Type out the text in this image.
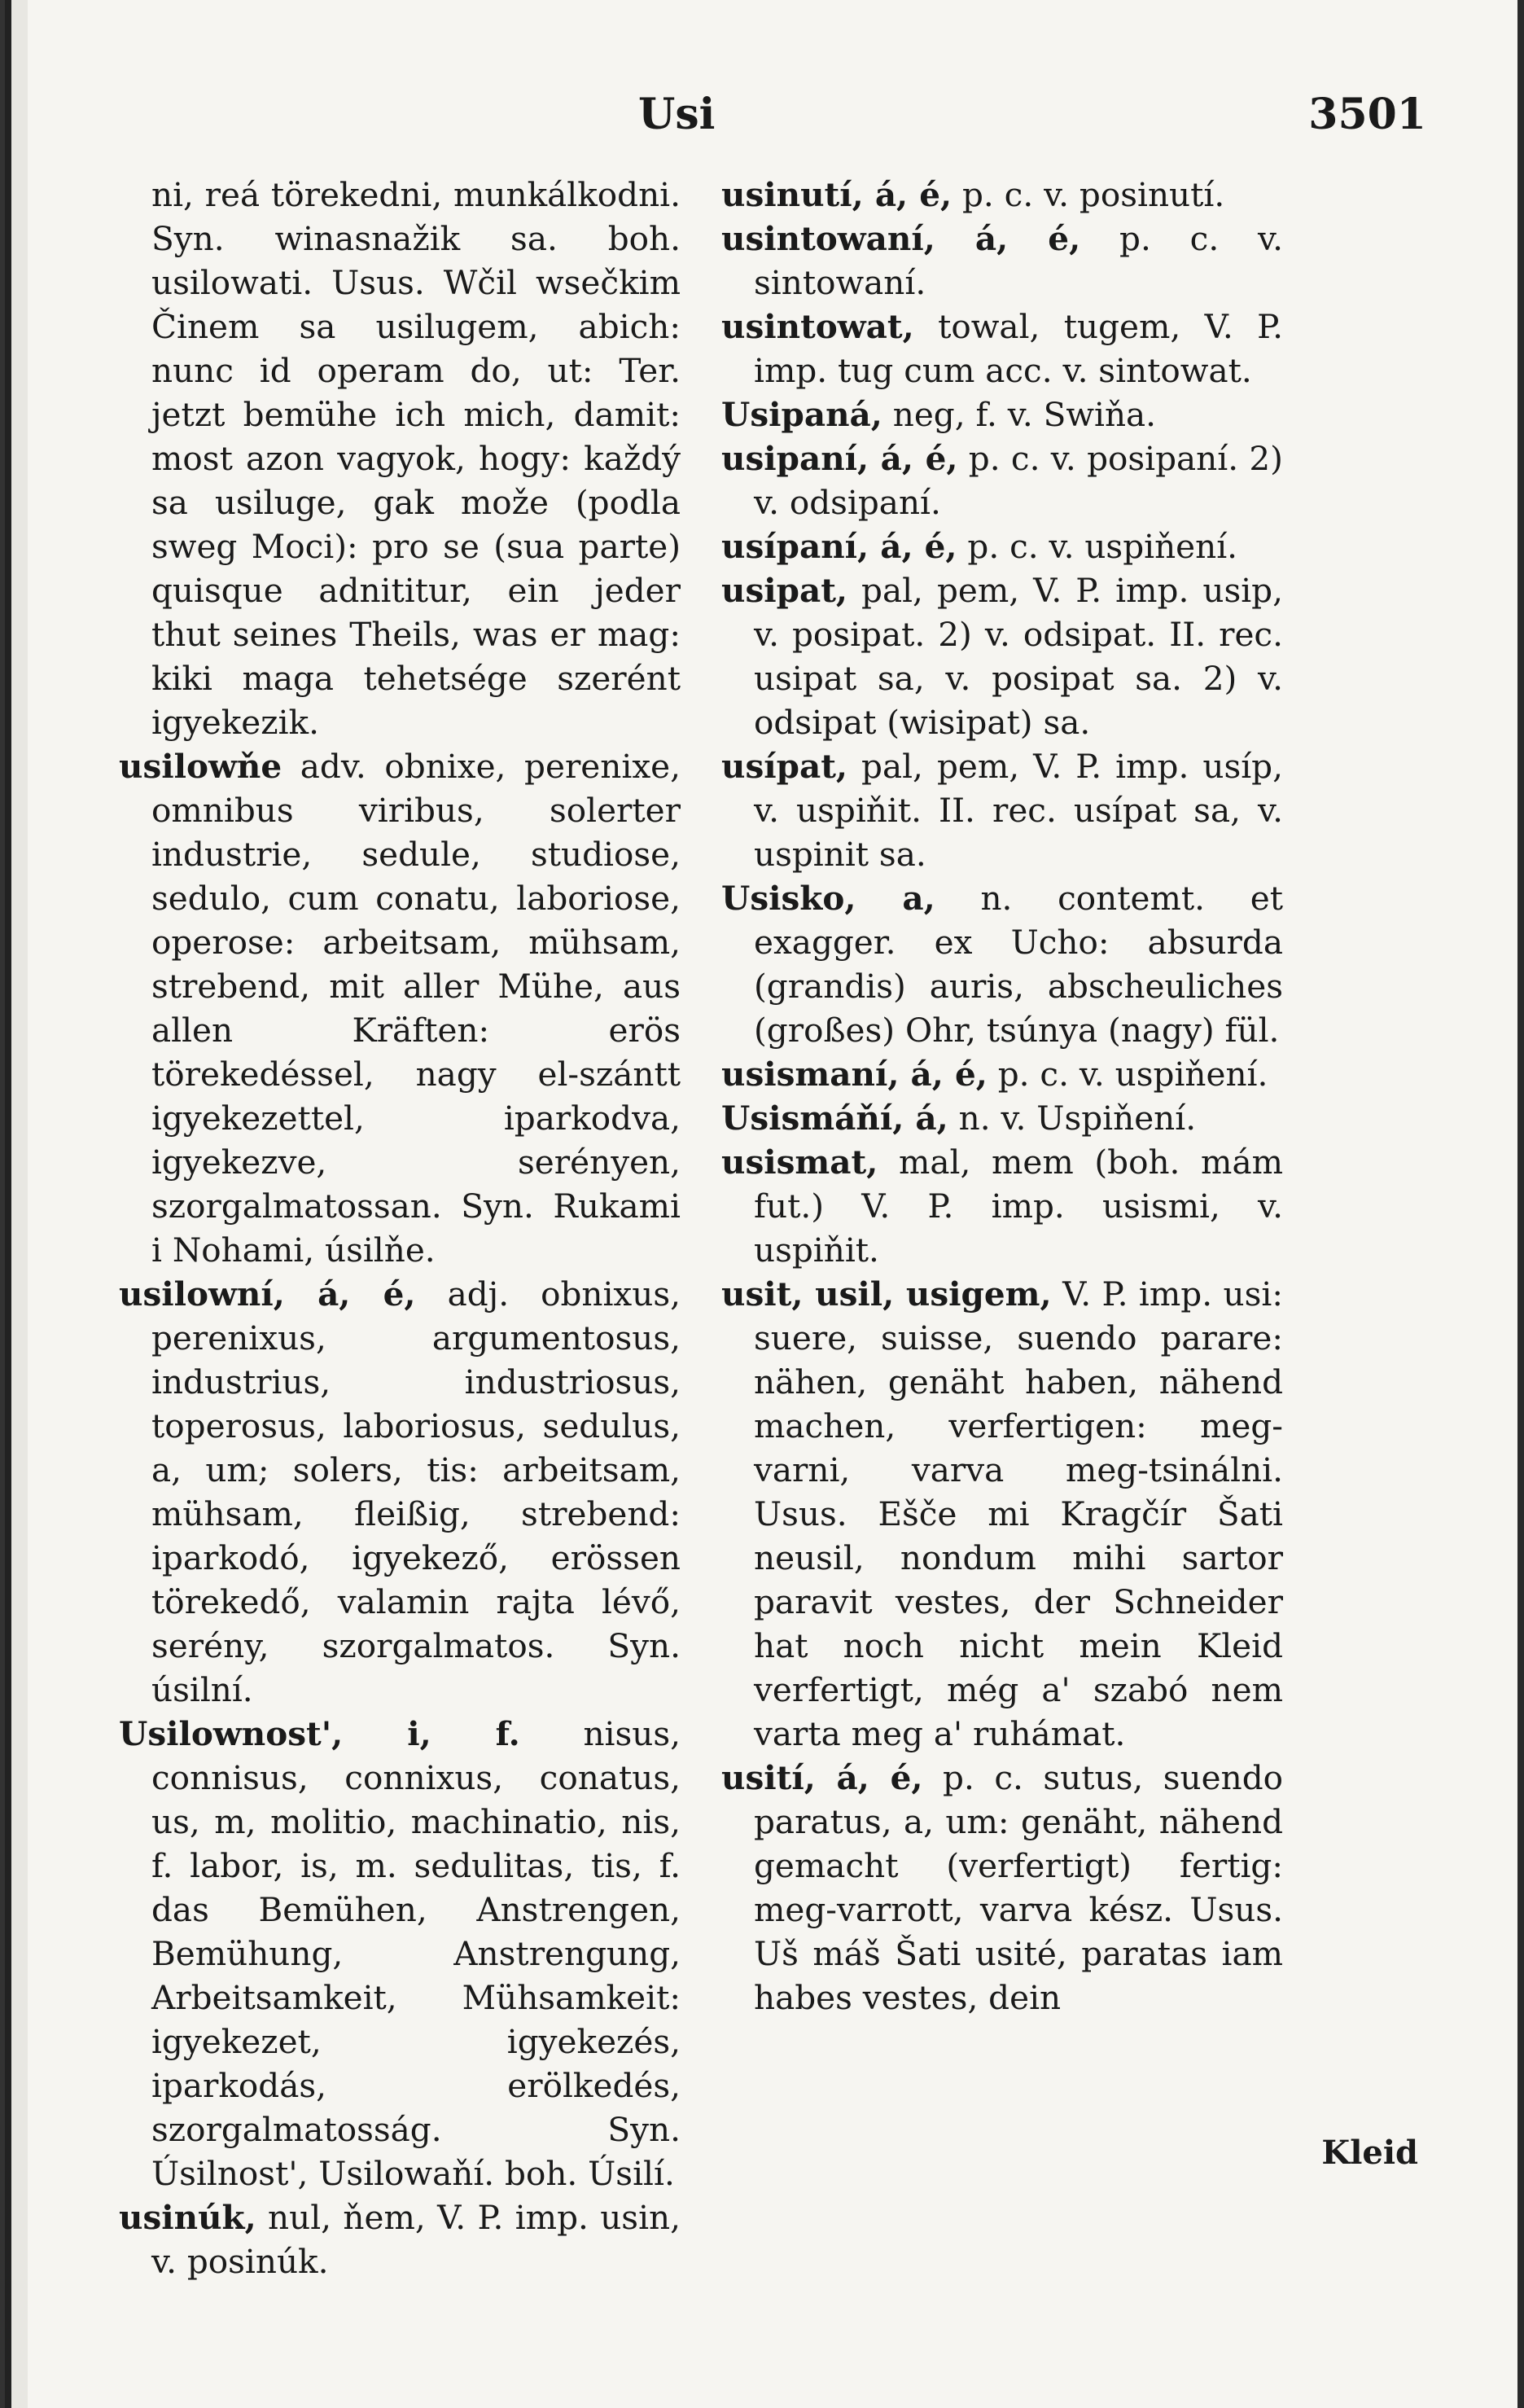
Usi	3501

ni, reá törekedni, munkálkodni. Syn. winasnažik sa. boh. usilowati. Usus. Wčil wsečkim Činem sa usilugem, abich: nunc id operam do, ut: Ter. jetzt bemühe ich mich, damit: most azon vagyok, hogy: každý sa usiluge, gak može (podla sweg Moci): pro se (sua parte) quisque adnititur, ein jeder thut seines Theils, was er mag: kiki maga tehetsége szerént igyekezik.

usilowňe adv. obnixe, perenixe, omnibus viribus, solerter industrie, sedule, studiose, sedulo, cum conatu, laboriose, operose: arbeitsam, mühsam, strebend, mit aller Mühe, aus allen Kräften: erös törekedéssel, nagy el-szántt igyekezettel, iparkodva, igyekezve, serényen, szorgalmatossan. Syn. Rukami i Nohami, úsilňe.

usilowní, á, é, adj. obnixus, perenixus, argumentosus, industrius, industriosus, toperosus, laboriosus, sedulus, a, um; solers, tis: arbeitsam, mühsam, fleißig, strebend: iparkodó, igyekező, erössen törekedő, valamin rajta lévő, serény, szorgalmatos. Syn. úsilní.

Usilownost', i, f. nisus, connisus, connixus, conatus, us, m, molitio, machinatio, nis, f. labor, is, m. sedulitas, tis, f. das Bemühen, Anstrengen, Bemühung, Anstrengung, Arbeitsamkeit, Mühsamkeit: igyekezet, igyekezés, iparkodás, erölkedés, szorgalmatosság. Syn. Úsilnost', Usilowaňí. boh. Úsilí.

usinúk, nul, ňem, V. P. imp. usin, v. posinúk.

usinutí, á, é, p. c. v. posinutí.

usintowaní, á, é, p. c. v. sintowaní.

usintowat, towal, tugem, V. P. imp. tug cum acc. v. sintowat.

Usipaná, neg, f. v. Swiňa.

usipaní, á, é, p. c. v. posipaní. 2) v. odsipaní.

usípaní, á, é, p. c. v. uspiňení.

usipat, pal, pem, V. P. imp. usip, v. posipat. 2) v. odsipat. II. rec. usipat sa, v. posipat sa. 2) v. odsipat (wisipat) sa.

usípat, pal, pem, V. P. imp. usíp, v. uspiňit. II. rec. usípat sa, v. uspinit sa.

Usisko, a, n. contemt. et exagger. ex Ucho: absurda (grandis) auris, abscheuliches (großes) Ohr, tsúnya (nagy) fül.

usismaní, á, é, p. c. v. uspiňení.

Usismáňí, á, n. v. Uspiňení.

usismat, mal, mem (boh. mám fut.) V. P. imp. usismi, v. uspiňit.

usit, usil, usigem, V. P. imp. usi: suere, suisse, suendo parare: nähen, genäht haben, nähend machen, verfertigen: meg-varni, varva meg-tsinálni. Usus. Ešče mi Kragčír Šati neusil, nondum mihi sartor paravit vestes, der Schneider hat noch nicht mein Kleid verfertigt, még a' szabó nem varta meg a' ruhámat.

usití, á, é, p. c. sutus, suendo paratus, a, um: genäht, nähend gemacht (verfertigt) fertig: meg-varrott, varva kész. Usus. Uš máš Šati usité, paratas iam habes vestes, dein

Kleid
